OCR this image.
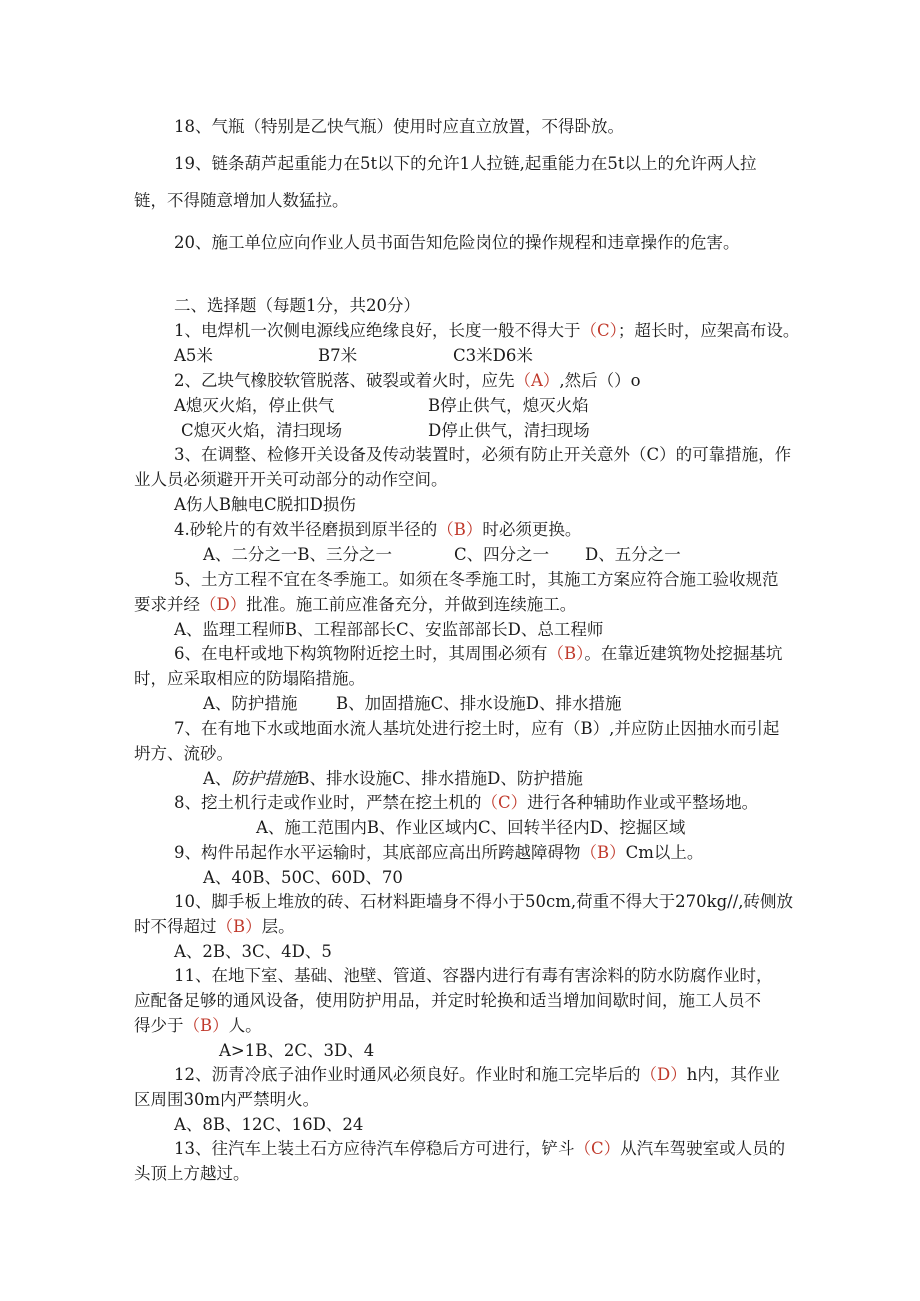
18、气瓶（特别是乙快气瓶）使用时应直立放置，不得卧放。
19、链条葫芦起重能力在5t以下的允许1人拉链,起重能力在5t以上的允许两人拉
链，不得随意增加人数猛拉。
20、施工单位应向作业人员书面告知危险岗位的操作规程和违章操作的危害。
二、选择题（每题1分，共20分）
1、电焊机一次侧电源线应绝缘良好，长度一般不得大于（C）；超长时，应架高布设。
A5米	B7米	C3米D6米
2、乙块气橡胶软管脱落、破裂或着火时，应先（A）,然后（）o
A熄灭火焰，停止供气	B停止供气，熄灭火焰
C熄灭火焰，清扫现场	D停止供气，清扫现场
3、在调整、检修开关设备及传动装置时，必须有防止开关意外（C）的可靠措施，作
业人员必须避开开关可动部分的动作空间。
A伤人B触电C脱扣D损伤
4.砂轮片的有效半径磨损到原半径的（B）时必须更换。
A、二分之一B、三分之一	C、四分之一 D、五分之一
5、土方工程不宜在冬季施工。如须在冬季施工时，其施工方案应符合施工验收规范
要求并经（D）批准。施工前应准备充分，并做到连续施工。
A、监理工程师B、工程部部长C、安监部部长D、总工程师
6、在电杆或地下构筑物附近挖土时，其周围必须有（B）。在靠近建筑物处挖掘基坑
时，应采取相应的防塌陷措施。
A、防护措施 B、加固措施C、排水设施D、排水措施
7、在有地下水或地面水流人基坑处进行挖土时，应有（B）,并应防止因抽水而引起
坍方、流砂。
A、防护措施B、排水设施C、排水措施D、防护措施
8、挖土机行走或作业时，严禁在挖土机的（C）进行各种辅助作业或平整场地。
A、施工范围内B、作业区域内C、回转半径内D、挖掘区域
9、构件吊起作水平运输时，其底部应高出所跨越障碍物（B）Cm以上。
A、40B、50C、60D、70
10、脚手板上堆放的砖、石材料距墙身不得小于50cm,荷重不得大于270kg//,砖侧放
时不得超过（B）层。
A、2B、3C、4D、5
11、在地下室、基础、池壁、管道、容器内进行有毒有害涂料的防水防腐作业时，
应配备足够的通风设备，使用防护用品，并定时轮换和适当增加间歇时间，施工人员不
得少于（B）人。
A>1B、2C、3D、4
12、沥青冷底子油作业时通风必须良好。作业时和施工完毕后的（D）h内，其作业
区周围30m内严禁明火。
A、8B、12C、16D、24
13、往汽车上装土石方应待汽车停稳后方可进行，铲斗（C）从汽车驾驶室或人员的
头顶上方越过。
